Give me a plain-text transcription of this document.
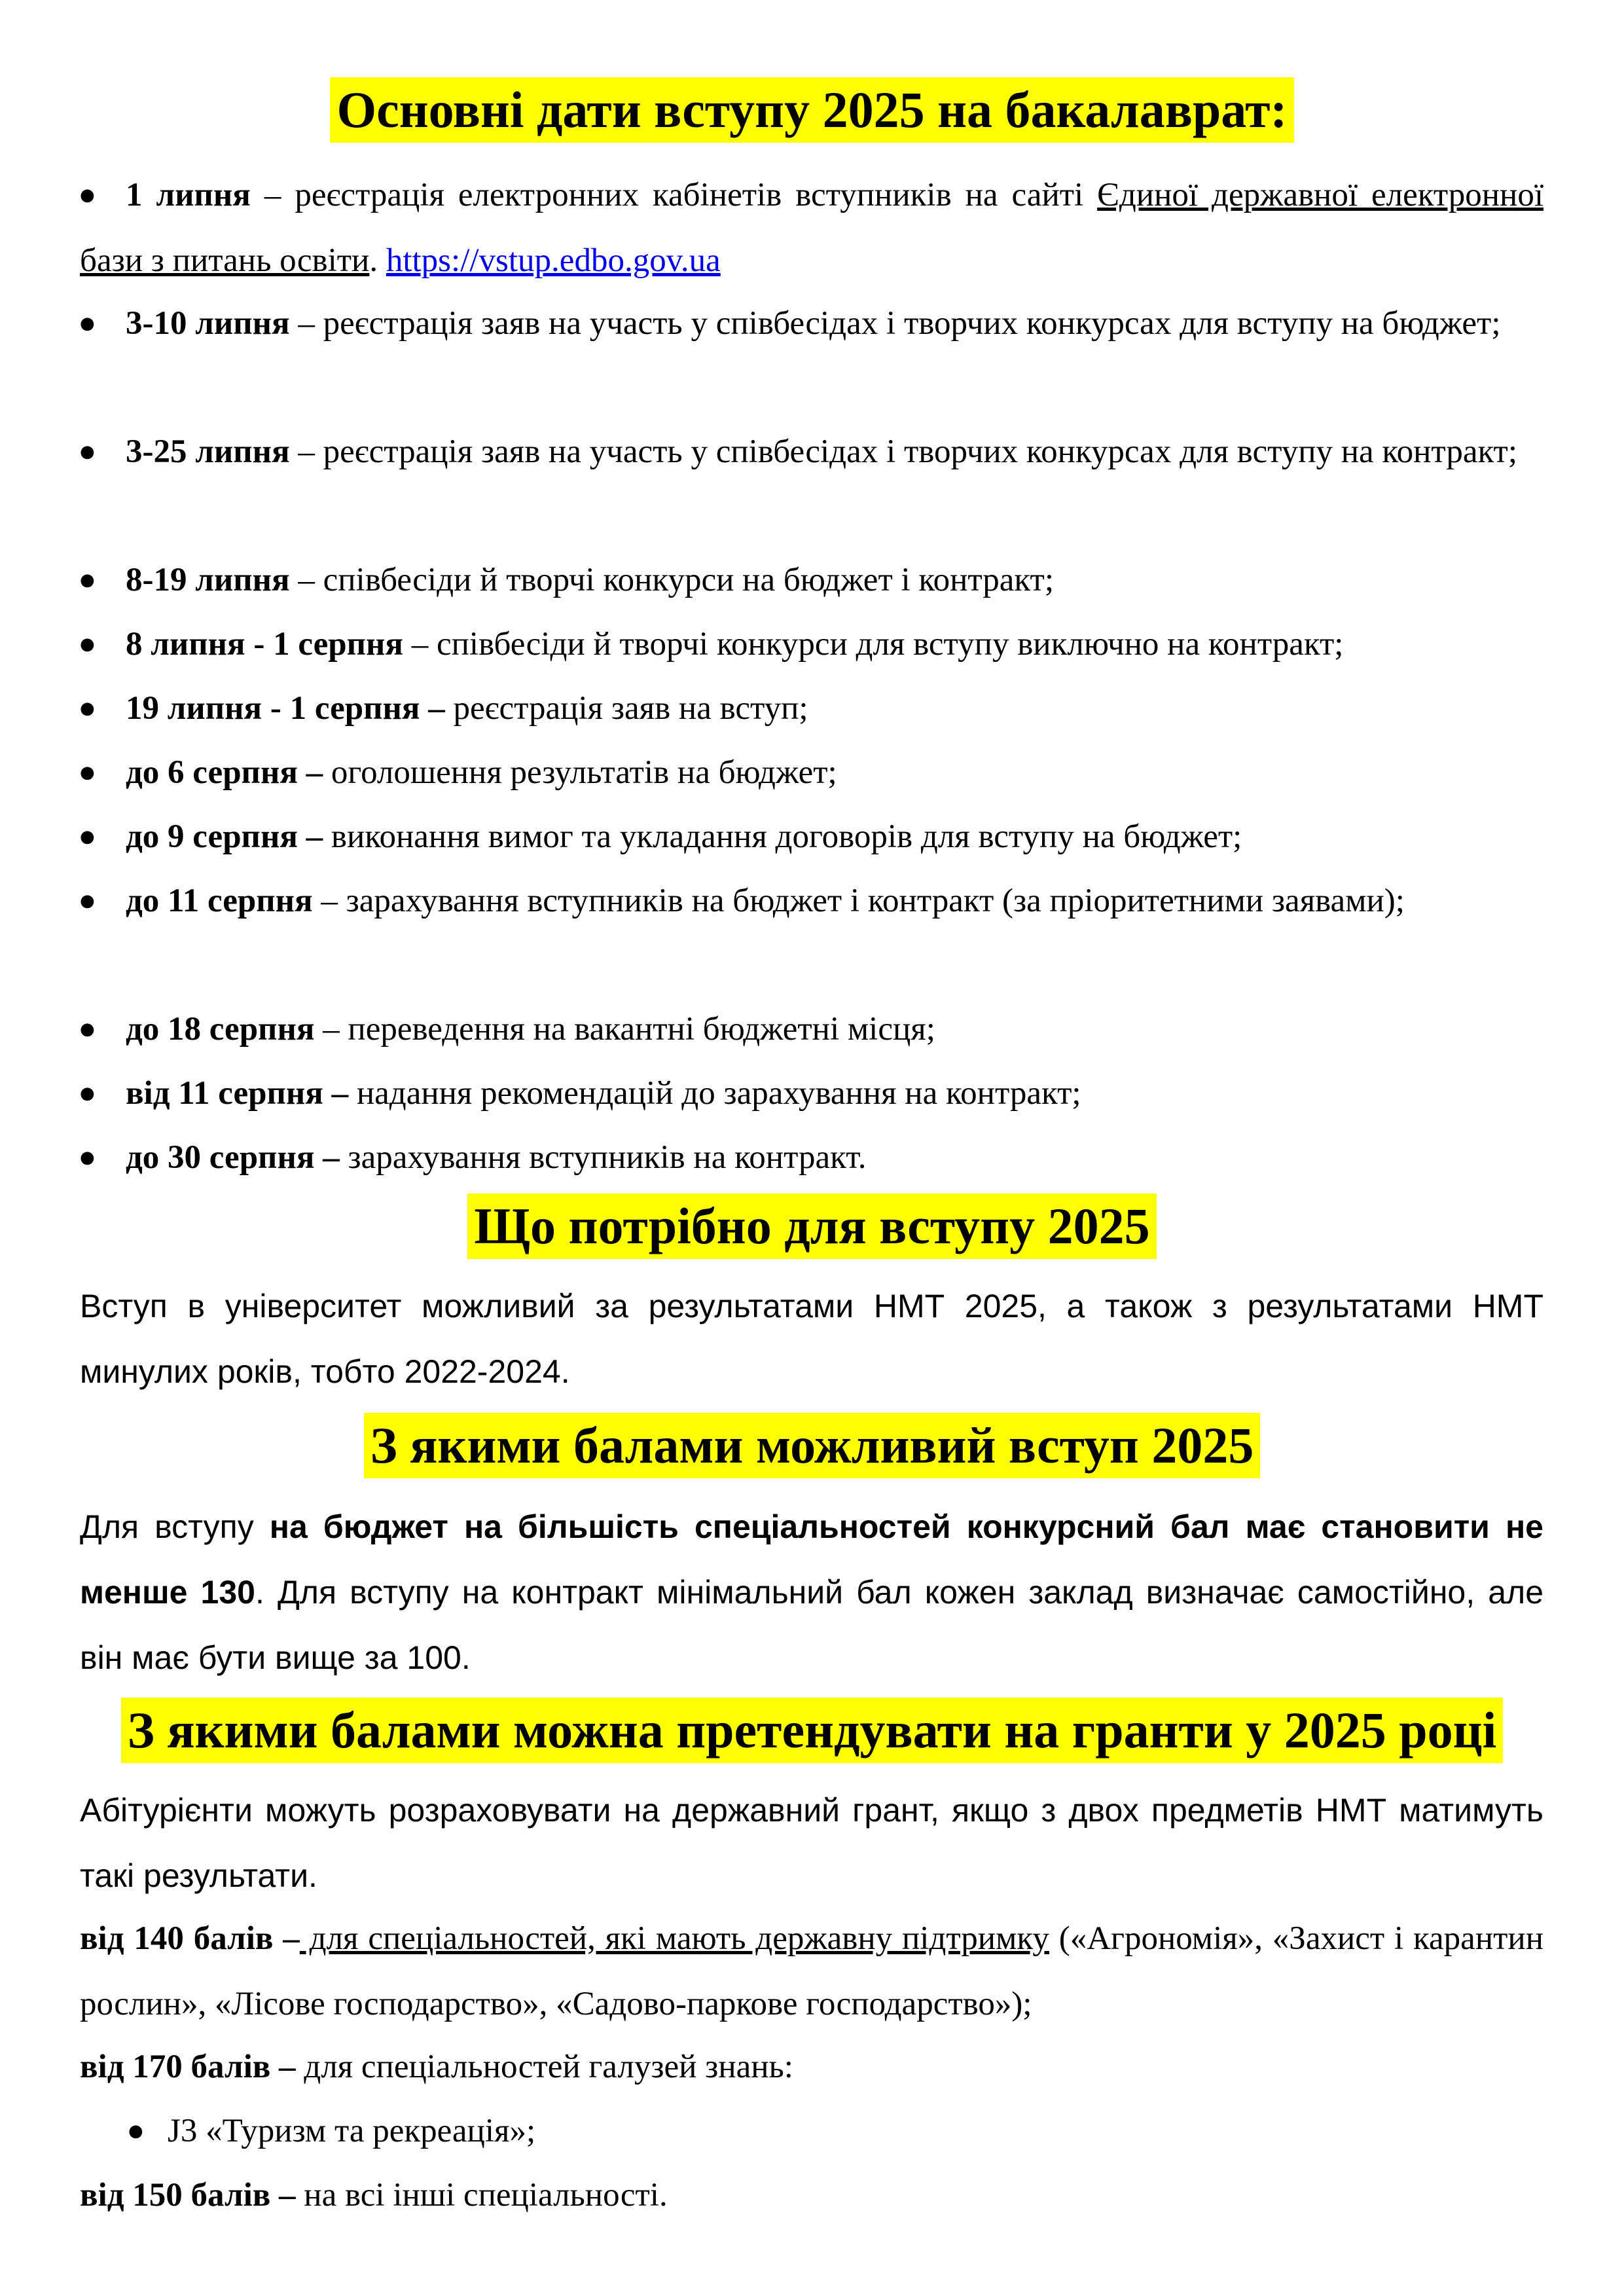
Основні дати вступу 2025 на бакалаврат:
● 1 липня – реєстрація електронних кабінетів вступників на сайті Єдиної державної електронної бази з питань освіти. https://vstup.edbo.gov.ua
● 3-10 липня – реєстрація заяв на участь у співбесідах і творчих конкурсах для вступу на бюджет;
● 3-25 липня – реєстрація заяв на участь у співбесідах і творчих конкурсах для вступу на контракт;
● 8-19 липня – співбесіди й творчі конкурси на бюджет і контракт;
● 8 липня - 1 серпня – співбесіди й творчі конкурси для вступу виключно на контракт;
● 19 липня - 1 серпня – реєстрація заяв на вступ;
● до 6 серпня – оголошення результатів на бюджет;
● до 9 серпня – виконання вимог та укладання договорів для вступу на бюджет;
● до 11 серпня – зарахування вступників на бюджет і контракт (за пріоритетними заявами);
● до 18 серпня – переведення на вакантні бюджетні місця;
● від 11 серпня – надання рекомендацій до зарахування на контракт;
● до 30 серпня – зарахування вступників на контракт.
Що потрібно для вступу 2025
Вступ в університет можливий за результатами НМТ 2025, а також з результатами НМТ минулих років, тобто 2022-2024.
З якими балами можливий вступ 2025
Для вступу на бюджет на більшість спеціальностей конкурсний бал має становити не менше 130. Для вступу на контракт мінімальний бал кожен заклад визначає самостійно, але він має бути вище за 100.
З якими балами можна претендувати на гранти у 2025 році
Абітурієнти можуть розраховувати на державний грант, якщо з двох предметів НМТ матимуть такі результати.
від 140 балів – для спеціальностей, які мають державну підтримку («Агрономія», «Захист і карантин рослин», «Лісове господарство», «Садово-паркове господарство»);
від 170 балів – для спеціальностей галузей знань:
● J3 «Туризм та рекреація»;
від 150 балів – на всі інші спеціальності.
